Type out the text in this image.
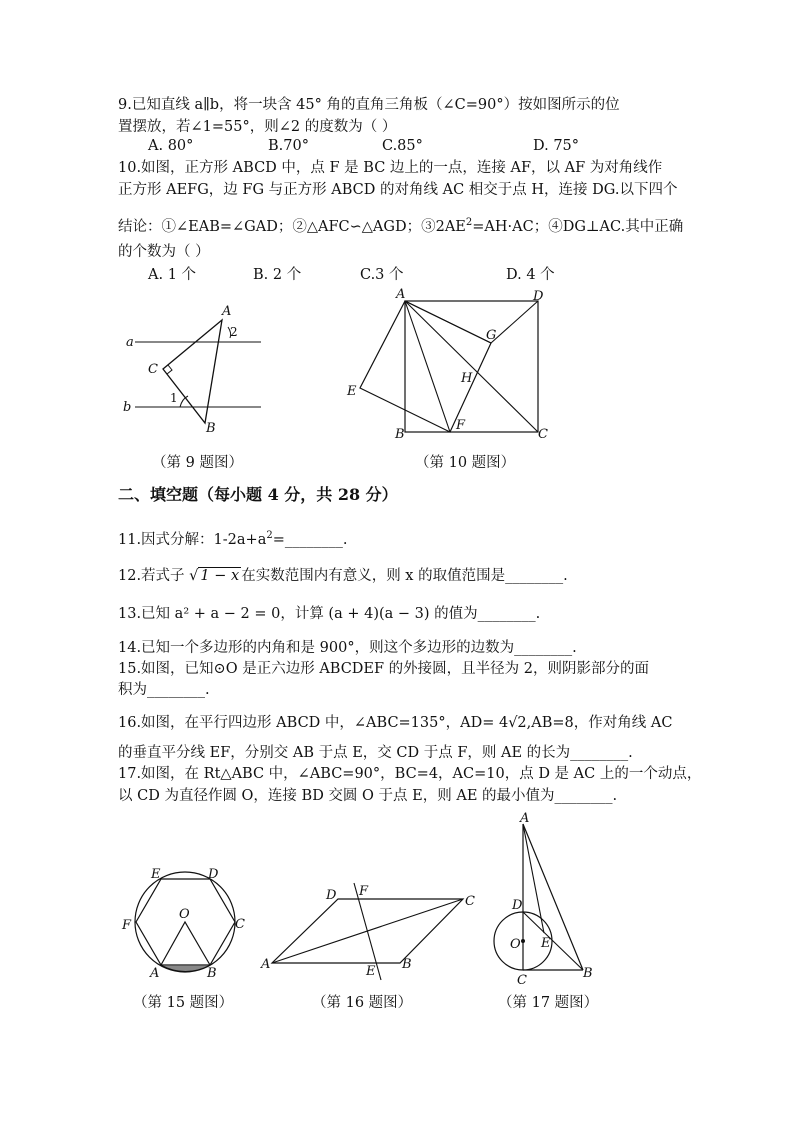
9.已知直线 a∥b，将一块含 45° 角的直角三角板（∠C=90°）按如图所示的位
置摆放，若∠1=55°，则∠2 的度数为（ ）
A. 80°	B.70°	C.85°	D. 75°
10.如图，正方形 ABCD 中，点 F 是 BC 边上的一点，连接 AF，以 AF 为对角线作
正方形 AEFG，边 FG 与正方形 ABCD 的对角线 AC 相交于点 H，连接 DG.以下四个
结论：①∠EAB=∠GAD；②△AFC∽△AGD；$③2AE^2=AH\cdot AC$；④DG⊥AC.其中正确
的个数为（ ）
A. 1 个	B. 2 个	C.3 个	D. 4 个
a
b
A
C
B
2
1
（第 9 题图）
A	D
G
H
E
B
F
C
（第 10 题图）
二、填空题（每小题 4 分，共 28 分）
11.因式分解：$1-2a+a^2=\_\_\_\_\_\_\_\_$.
12.若式子 √ 1 − x 在实数范围内有意义，则 x 的取值范围是________.
13.已知 a² + a − 2 = 0，计算 (a + 4)(a − 3) 的值为________.
14.已知一个多边形的内角和是 900°，则这个多边形的边数为________.
15.如图，已知⊙O 是正六边形 ABCDEF 的外接圆，且半径为 2，则阴影部分的面
积为________.
16.如图，在平行四边形 ABCD 中，∠ABC=135°，AD= 4√2,AB=8，作对角线 AC
的垂直平分线 EF，分别交 AB 于点 E，交 CD 于点 F，则 AE 的长为________.
17.如图，在 Rt△ABC 中，∠ABC=90°，BC=4，AC=10，点 D 是 AC 上的一个动点，
以 CD 为直径作圆 O，连接 BD 交圆 O 于点 E，则 AE 的最小值为________.
E	D
F	C
O
A	B
（第 15 题图）
A	B
C
D F
E
（第 16 题图）
A
D
O E
C	B
（第 17 题图）
